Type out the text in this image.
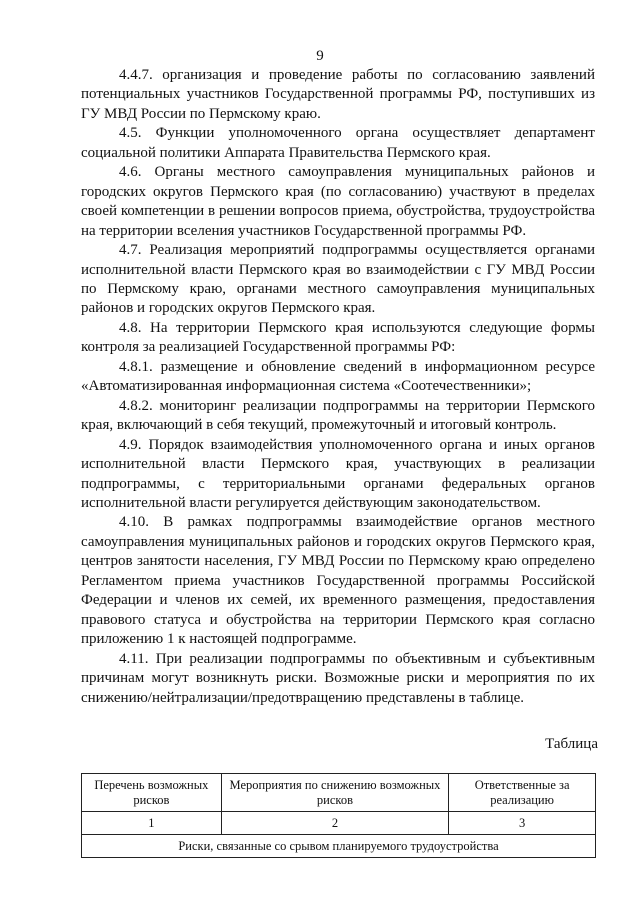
9

4.4.7. организация и проведение работы по согласованию заявлений потенциальных участников Государственной программы РФ, поступивших из ГУ МВД России по Пермскому краю.

4.5. Функции уполномоченного органа осуществляет департамент социальной политики Аппарата Правительства Пермского края.

4.6. Органы местного самоуправления муниципальных районов и городских округов Пермского края (по согласованию) участвуют в пределах своей компетенции в решении вопросов приема, обустройства, трудоустройства на территории вселения участников Государственной программы РФ.

4.7. Реализация мероприятий подпрограммы осуществляется органами исполнительной власти Пермского края во взаимодействии с ГУ МВД России по Пермскому краю, органами местного самоуправления муниципальных районов и городских округов Пермского края.

4.8. На территории Пермского края используются следующие формы контроля за реализацией Государственной программы РФ:

4.8.1. размещение и обновление сведений в информационном ресурсе «Автоматизированная информационная система «Соотечественники»;

4.8.2. мониторинг реализации подпрограммы на территории Пермского края, включающий в себя текущий, промежуточный и итоговый контроль.

4.9. Порядок взаимодействия уполномоченного органа и иных органов исполнительной власти Пермского края, участвующих в реализации подпрограммы, с территориальными органами федеральных органов исполнительной власти регулируется действующим законодательством.

4.10. В рамках подпрограммы взаимодействие органов местного самоуправления муниципальных районов и городских округов Пермского края, центров занятости населения, ГУ МВД России по Пермскому краю определено Регламентом приема участников Государственной программы Российской Федерации и членов их семей, их временного размещения, предоставления правового статуса и обустройства на территории Пермского края согласно приложению 1 к настоящей подпрограмме.

4.11. При реализации подпрограммы по объективным и субъективным причинам могут возникнуть риски. Возможные риски и мероприятия по их снижению/нейтрализации/предотвращению представлены в таблице.

Таблица
Перечень возможных рисков	Мероприятия по снижению возможных рисков	Ответственные за реализацию
1	2	3
Риски, связанные со срывом планируемого трудоустройства		
